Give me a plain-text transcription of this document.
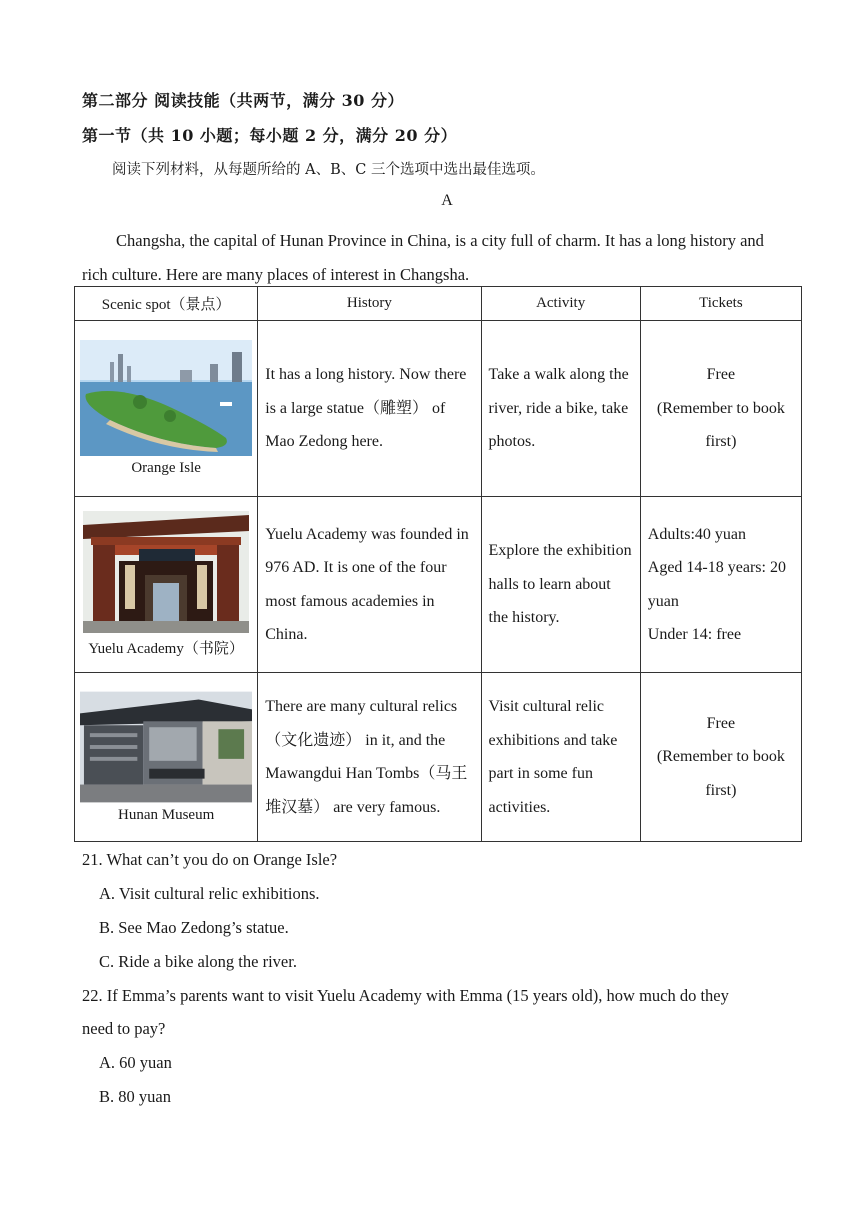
第二部分 阅读技能（共两节，满分 30 分）
第一节（共 10 小题；每小题 2 分，满分 20 分）
阅读下列材料，从每题所给的 A、B、C 三个选项中选出最佳选项。
A
Changsha, the capital of Hunan Province in China, is a city full of charm. It has a long history and rich culture. Here are many places of interest in Changsha.
Scenic spot（景点）	History	Activity	Tickets

Orange Isle	It has a long history. Now there is a large statue（雕塑） of Mao Zedong here.	Take a walk along the river, ride a bike, take photos.	Free
(Remember to book first)

Yuelu Academy（书院）	Yuelu Academy was founded in 976 AD. It is one of the four most famous academies in China.	Explore the exhibition halls to learn about the history.	Adults:40 yuan
Aged 14-18 years: 20 yuan
Under 14: free

Hunan Museum	There are many cultural relics（文化遗迹） in it, and the Mawangdui Han Tombs（马王堆汉墓） are very famous.	Visit cultural relic exhibitions and take part in some fun activities.	Free
(Remember to book first)
21. What can’t you do on Orange Isle?
A. Visit cultural relic exhibitions.
B. See Mao Zedong’s statue.
C. Ride a bike along the river.
22. If Emma’s parents want to visit Yuelu Academy with Emma (15 years old), how much do they
need to pay?
A. 60 yuan
B. 80 yuan
